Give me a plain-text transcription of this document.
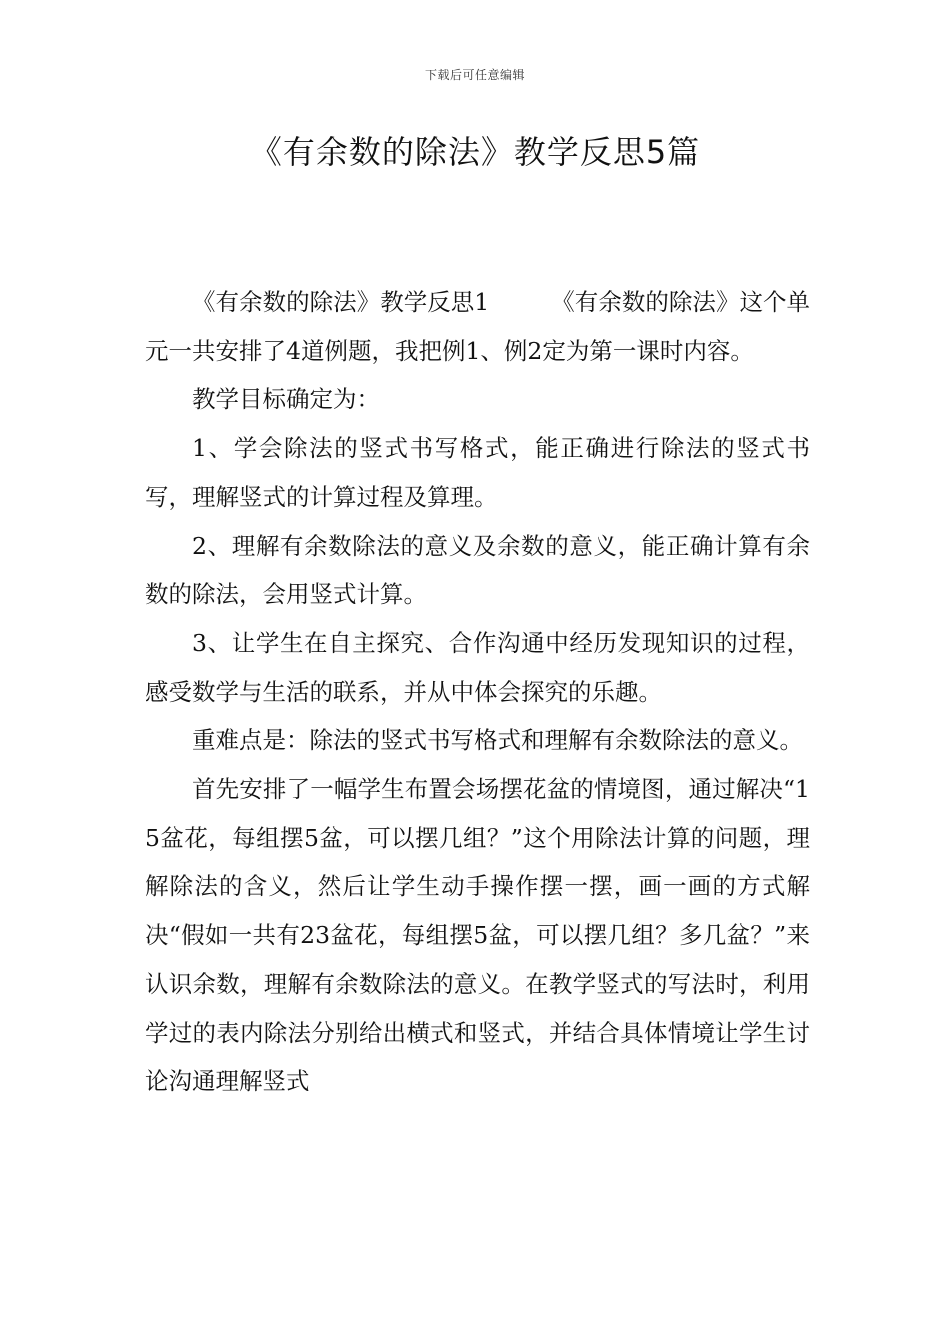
下载后可任意编辑
《有余数的除法》教学反思5篇

《有余数的除法》教学反思1	《有余数的除法》这个单元一共安排了4道例题，我把例1、例2定为第一课时内容。

教学目标确定为：

1、学会除法的竖式书写格式，能正确进行除法的竖式书写，理解竖式的计算过程及算理。

2、理解有余数除法的意义及余数的意义，能正确计算有余数的除法，会用竖式计算。

3、让学生在自主探究、合作沟通中经历发现知识的过程，感受数学与生活的联系，并从中体会探究的乐趣。

重难点是：除法的竖式书写格式和理解有余数除法的意义。

首先安排了一幅学生布置会场摆花盆的情境图，通过解决“15盆花，每组摆5盆，可以摆几组？”这个用除法计算的问题，理解除法的含义，然后让学生动手操作摆一摆，画一画的方式解决“假如一共有23盆花，每组摆5盆，可以摆几组？多几盆？”来认识余数，理解有余数除法的意义。在教学竖式的写法时，利用学过的表内除法分别给出横式和竖式，并结合具体情境让学生讨论沟通理解竖式
